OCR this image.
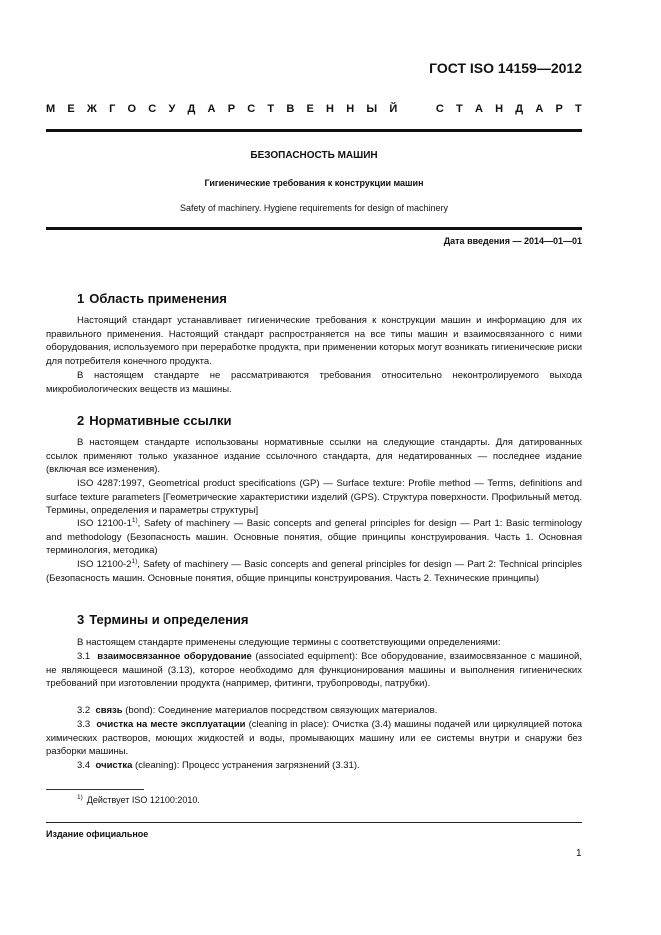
ГОСТ ISO 14159—2012
М Е Ж Г О С У Д А Р С Т В Е Н Н Ы Й	С Т А Н Д А Р Т
БЕЗОПАСНОСТЬ МАШИН
Гигиенические требования к конструкции машин
Safety of machinery. Hygiene requirements for design of machinery
Дата введения — 2014—01—01
1 Область применения
Настоящий стандарт устанавливает гигиенические требования к конструкции машин и информацию для их правильного применения. Настоящий стандарт распространяется на все типы машин и взаимосвязанного с ними оборудования, используемого при переработке продукта, при применении которых могут возникать гигиенические риски для потребителя конечного продукта.
В настоящем стандарте не рассматриваются требования относительно неконтролируемого выхода микробиологических веществ из машины.
2 Нормативные ссылки
В настоящем стандарте использованы нормативные ссылки на следующие стандарты. Для датированных ссылок применяют только указанное издание ссылочного стандарта, для недатированных — последнее издание (включая все изменения).
ISO 4287:1997, Geometrical product specifications (GP) — Surface texture: Profile method — Terms, definitions and surface texture parameters [Геометрические характеристики изделий (GPS). Структура поверхности. Профильный метод. Термины, определения и параметры структуры]
ISO 12100-1$^{1)}$, Safety of machinery — Basic concepts and general principles for design — Part 1: Basic terminology and methodology (Безопасность машин. Основные понятия, общие принципы конструирования. Часть 1. Основная терминология, методика)
ISO 12100-2$^{1)}$, Safety of machinery — Basic concepts and general principles for design — Part 2: Technical principles (Безопасность машин. Основные понятия, общие принципы конструирования. Часть 2. Технические принципы)
3 Термины и определения
В настоящем стандарте применены следующие термины с соответствующими определениями:
3.1 взаимосвязанное оборудование (associated equipment): Все оборудование, взаимосвязанное с машиной, не являющееся машиной (3.13), которое необходимо для функционирования машины и выполнения гигиенических требований при изготовлении продукта (например, фитинги, трубопроводы, патрубки).
3.2 связь (bond): Соединение материалов посредством связующих материалов.
3.3 очистка на месте эксплуатации (cleaning in place): Очистка (3.4) машины подачей или циркуляцией потока химических растворов, моющих жидкостей и воды, промывающих машину или ее системы внутри и снаружи без разборки машины.
3.4 очистка (cleaning): Процесс устранения загрязнений (3.31).
$^{1)}$ Действует ISO 12100:2010.
Издание официальное
1
